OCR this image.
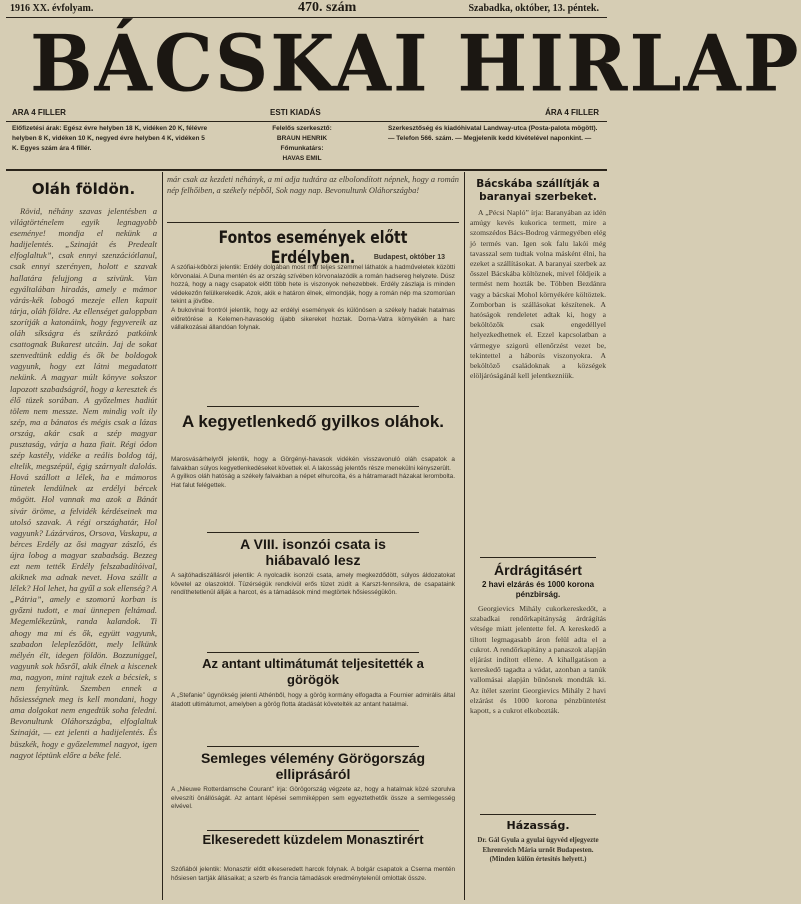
1916 XX. évfolyam.	470. szám	Szabadka, október, 13. péntek.
BÁCSKAI HIRLAP
ARA 4 FILLER	ESTI KIADÁS	ÁRA 4 FILLER
Előfizetési árak: Egész évre helyben 18 K, vidéken 20 K, félévre helyben 8 K, vidéken 10 K, negyed évre helyben 4 K, vidéken 5 K. Egyes szám ára 4 fillér.
Felelős szerkesztő:
BRAUN HENRIK
Főmunkatárs:
HAVAS EMIL
Szerkesztőség és kiadóhivatal Landway-utca (Posta-palota mögött). — Telefon 566. szám. — Megjelenik kedd kivételével naponkint. —
Oláh földön.
Rövid, néhány szavas jelentésben a világtörténelem egyik legnagyobb eseménye! mondja el nekünk a hadijelentés. „Szinaját és Predealt elfoglaltuk”, csak ennyi szenzációtlanul, csak ennyi szerényen, holott e szavak hallatára felujjong a szivünk. Van egyáltalában hiradás, amely e mámor várás-kék lobogó mezeje ellen kapuit tárja, oláh földre. Az ellenséget galoppban szorítják a katonáink, hogy fegyvereik az oláh síkságra és szikrázó patkóink csattognak Bukarest utcáin. Jaj de sokat szenvedtünk eddig és ők be boldogok vagyunk, hogy ezt látni megadatott nekünk. A magyar múlt könyve sokszor lapozott szabadságról, hogy a keresztek és élő tüzek sorában. A győzelmes hadiút tölem nem messze. Nem mindig volt ily szép, ma a bánatos és mégis csak a lázas ország, akár csak a szép magyar pusztaság, várja a haza fiait. Régi ódon szép kastély, vidéke a reális boldog táj, eltelik, megszépül, égig szárnyalt dalolás. Hová szállott a lélek, ha e mámoros tünetek lendülnek az erdélyi bércek mögött. Hol vannak ma azok a Bánát sivár öröme, a felvidék kérdéseinek ma utolsó szavak. A régi országhatár, Hol vagyunk? Lázárváros, Orsova, Vaskapu, a bérces Erdély az ősi magyar zászló, és újra lobog a magyar szabadság. Bezzeg ezt nem tették Erdély felszabadítóival, akiknek ma adnak nevet. Hova szállt a lélek? Hol lehet, ha gyűl a sok ellenség? A „Pátria”, amely e szomorú korban is győzni tudott, e mai ünnepen feltámad. Megemlékezünk, randa kalandok. Ti ahogy ma mi és ők, együtt vagyunk, szabadon lelepleződött, mely lelkünk mélyén élt, idegen földön. Bozzuniggel, vagyunk sok hősről, akik élnek a kiscenek ma, nagyon, mint rajtuk ezek a bécsiek, s nem fenyítünk. Szemben ennek a hősiességnek meg is kell mondani, hogy ama dolgokat nem engedtük soha feledni. Bevonultunk Oláhországba, elfoglaltuk Szinaját, — ezt jelenti a hadijelentés. És büszkék, hogy e győzelemmel nagyot, igen nagyot léptünk előre a béke felé.
már csak az kezdeti néhányk, a mi adja tudtára az elbolondított népnek, hogy a román nép felhőiben, a székely népből, Sok nagy nap. Bevonultunk Oláhországba!
Fontos események előtt Erdélyben.	Budapest, október 13
A szófiai-kőbörzi jelentik: Erdély dolgában most már teljes szemmel láthatók a hadműveletek közötti körvonalai. A Duna mentén és az ország szívében körvonalazódik a román hadsereg helyzete. Dúsz hozzá, hogy a nagy csapatok előtt több hete is viszonyok nehezebbek. Erdély zászlaja is minden védekezőn felülkerekedik. Azok, akik e határon élnek, elmondják, hogy a román nép ma szomorúan tekint a jövőbe.
A bukovinai frontról jelentik, hogy az erdélyi események és különösen a székely hadak hatalmas előretörése a Kelemen-havasokig újabb sikereket hoztak. Dorna-Vatra környékén a harc vállalkozásai állandóan folynak.
A kegyetlenkedő gyilkos oláhok.
Marosvásárhelyről jelentik, hogy a Görgényi-havasok vidékén visszavonuló oláh csapatok a falvakban súlyos kegyetlenkedéseket követtek el. A lakosság jelentős része menekülni kényszerült.
A gyilkos oláh hatóság a székely falvakban a népet elhurcolta, és a hátramaradt házakat lerombolta. Hat falut felégettek.
A VIII. isonzói csata is hiábavaló lesz
A sajtóhadiszállásról jelentik: A nyolcadik isonzói csata, amely megkezdődött, súlyos áldozatokat követel az olaszoktól. Tüzérségük rendkívül erős tüzet zúdít a Karszt-fennsíkra, de csapataink rendíthetetlenül állják a harcot, és a támadások mind megtörtek hősiességükön.
Az antant ultimátumát teljesitették a görögök
A „Stefanie” ügynökség jelenti Athénből, hogy a görög kormány elfogadta a Fournier admirális által átadott ultimátumot, amelyben a görög flotta átadását követelték az antant hatalmai.
Semleges vélemény Görögország elliprásáról
A „Nieuwe Rotterdamsche Courant” írja: Görögország végzete az, hogy a hatalmak közé szorulva elveszíti önállóságát. Az antant lépései semmiképpen sem egyeztethetők össze a semlegesség elvével.
Elkeseredett küzdelem Monasztirért
Szófiából jelentik: Monasztir előtt elkeseredett harcok folynak. A bolgár csapatok a Cserna mentén hősiesen tartják állásaikat; a szerb és francia támadások eredménytelenül omlottak össze.
Bácskába szállítják a baranyai szerbeket.
A „Pécsi Napló” írja: Baranyában az idén amúgy kevés kukorica termett, mire a szomszédos Bács-Bodrog vármegyében elég jó termés van. Igen sok falu lakói még tavasszal sem tudtak volna másként élni, ha ezeket a szállításokat. A baranyai szerbek az ősszel Bácskába költöznek, mivel földjeik a termést nem hozták be. Többen Bezdánra vagy a bácskai Mohol környékére költöztek. Zomborban is szállásokat készítenek. A hatóságok rendeletet adtak ki, hogy a beköltözők csak engedéllyel helyezkedhetnek el. Ezzel kapcsolatban a vármegye szigorú ellenőrzést vezet be, tekintettel a háborús viszonyokra. A beköltöző családoknak a községek elöljáróságánál kell jelentkezniük.
Árdrágitásért
2 havi elzárás és 1000 korona pénzbirság.
Georgievics Mihály cukorkereskedőt, a szabadkai rendőrkapitányság árdrágítás vétsége miatt jelentette fel. A kereskedő a tiltott legmagasabb áron felül adta el a cukrot. A rendőrkapitány a panaszok alapján eljárást indított ellene. A kihallgatáson a kereskedő tagadta a vádat, azonban a tanúk vallomásai alapján bűnösnek mondták ki. Az ítélet szerint Georgievics Mihály 2 havi elzárást és 1000 korona pénzbüntetést kapott, s a cukrot elkobozták.
Házasság.
Dr. Gál Gyula a gyulai ügyvéd eljegyezte Ehrenreich Mária urnőt Budapesten. (Minden külön értesítés helyett.)
